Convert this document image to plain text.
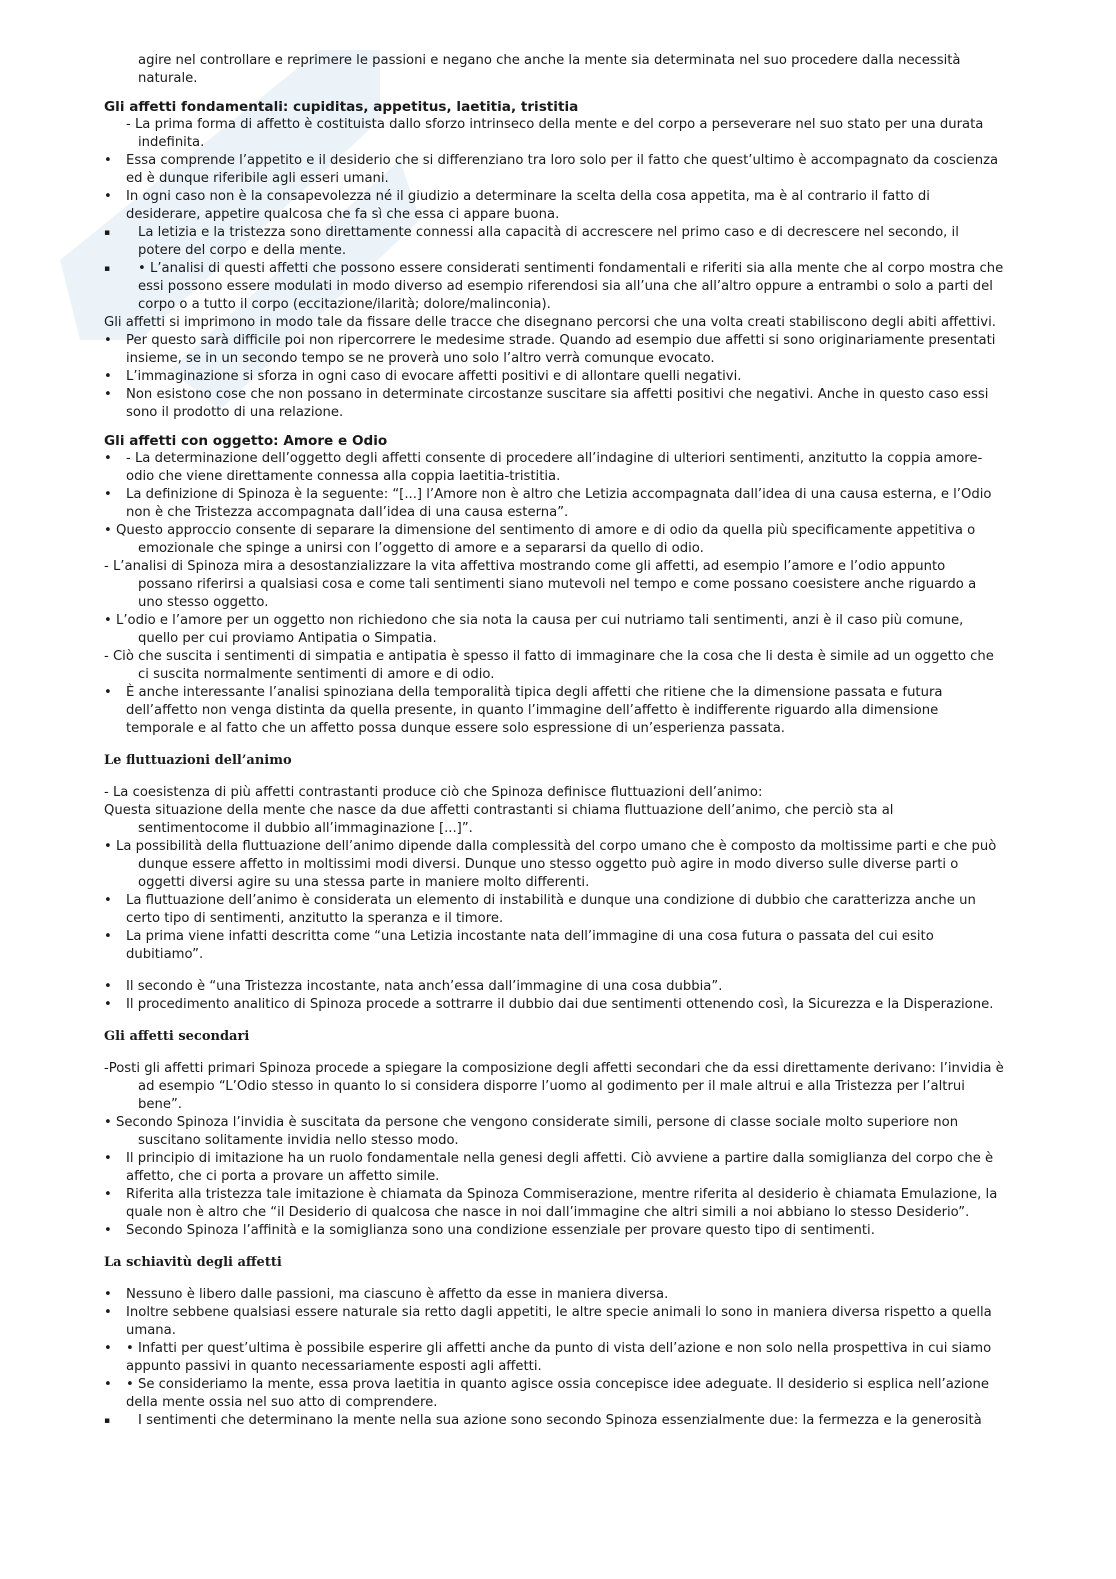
agire nel controllare e reprimere le passioni e negano che anche la mente sia determinata nel suo procedere dalla necessità naturale.

Gli affetti fondamentali: cupiditas, appetitus, laetitia, tristitia

- La prima forma di affetto è costituista dallo sforzo intrinseco della mente e del corpo a perseverare nel suo stato per una durata indefinita.

•	Essa comprende l’appetito e il desiderio che si differenziano tra loro solo per il fatto che quest’ultimo è accompagnato da coscienza ed è dunque riferibile agli esseri umani.
•	In ogni caso non è la consapevolezza né il giudizio a determinare la scelta della cosa appetita, ma è al contrario il fatto di desiderare, appetire qualcosa che fa sì che essa ci appare buona.
▪	La letizia e la tristezza sono direttamente connessi alla capacità di accrescere nel primo caso e di decrescere nel secondo, il potere del corpo e della mente.
▪	• L’analisi di questi affetti che possono essere considerati sentimenti fondamentali e riferiti sia alla mente che al corpo mostra che essi possono essere modulati in modo diverso ad esempio riferendosi sia all’una che all’altro oppure a entrambi o solo a parti del corpo o a tutto il corpo (eccitazione/ilarità; dolore/malinconia).

Gli affetti si imprimono in modo tale da fissare delle tracce che disegnano percorsi che una volta creati stabiliscono degli abiti affettivi.

•	Per questo sarà difficile poi non ripercorrere le medesime strade. Quando ad esempio due affetti si sono originariamente presentati insieme, se in un secondo tempo se ne proverà uno solo l’altro verrà comunque evocato.
•	L’immaginazione si sforza in ogni caso di evocare affetti positivi e di allontare quelli negativi.
•	Non esistono cose che non possano in determinate circostanze suscitare sia affetti positivi che negativi. Anche in questo caso essi sono il prodotto di una relazione.

Gli affetti con oggetto: Amore e Odio

•	- La determinazione dell’oggetto degli affetti consente di procedere all’indagine di ulteriori sentimenti, anzitutto la coppia amore-odio che viene direttamente connessa alla coppia laetitia-tristitia.
•	La definizione di Spinoza è la seguente: “[...] l’Amore non è altro che Letizia accompagnata dall’idea di una causa esterna, e l’Odio non è che Tristezza accompagnata dall’idea di una causa esterna”.

• Questo approccio consente di separare la dimensione del sentimento di amore e di odio da quella più specificamente appetitiva o emozionale che spinge a unirsi con l’oggetto di amore e a separarsi da quello di odio.

- L’analisi di Spinoza mira a desostanzializzare la vita affettiva mostrando come gli affetti, ad esempio l’amore e l’odio appunto possano riferirsi a qualsiasi cosa e come tali sentimenti siano mutevoli nel tempo e come possano coesistere anche riguardo a uno stesso oggetto.

• L’odio e l’amore per un oggetto non richiedono che sia nota la causa per cui nutriamo tali sentimenti, anzi è il caso più comune, quello per cui proviamo Antipatia o Simpatia.

- Ciò che suscita i sentimenti di simpatia e antipatia è spesso il fatto di immaginare che la cosa che li desta è simile ad un oggetto che ci suscita normalmente sentimenti di amore e di odio.

•	È anche interessante l’analisi spinoziana della temporalità tipica degli affetti che ritiene che la dimensione passata e futura dell’affetto non venga distinta da quella presente, in quanto l’immagine dell’affetto è indifferente riguardo alla dimensione temporale e al fatto che un affetto possa dunque essere solo espressione di un’esperienza passata.

Le fluttuazioni dell’animo

- La coesistenza di più affetti contrastanti produce ciò che Spinoza definisce fluttuazioni dell’animo:

Questa situazione della mente che nasce da due affetti contrastanti si chiama fluttuazione dell’animo, che perciò sta al sentimentocome il dubbio all’immaginazione [...]”.

• La possibilità della fluttuazione dell’animo dipende dalla complessità del corpo umano che è composto da moltissime parti e che può dunque essere affetto in moltissimi modi diversi. Dunque uno stesso oggetto può agire in modo diverso sulle diverse parti o oggetti diversi agire su una stessa parte in maniere molto differenti.

•	La fluttuazione dell’animo è considerata un elemento di instabilità e dunque una condizione di dubbio che caratterizza anche un certo tipo di sentimenti, anzitutto la speranza e il timore.
•	La prima viene infatti descritta come “una Letizia incostante nata dell’immagine di una cosa futura o passata del cui esito dubitiamo”.
•	Il secondo è “una Tristezza incostante, nata anch’essa dall’immagine di una cosa dubbia”.
•	Il procedimento analitico di Spinoza procede a sottrarre il dubbio dai due sentimenti ottenendo così, la Sicurezza e la Disperazione.

Gli affetti secondari

-Posti gli affetti primari Spinoza procede a spiegare la composizione degli affetti secondari che da essi direttamente derivano: l’invidia è ad esempio “L’Odio stesso in quanto lo si considera disporre l’uomo al godimento per il male altrui e alla Tristezza per l’altrui bene”.

• Secondo Spinoza l’invidia è suscitata da persone che vengono considerate simili, persone di classe sociale molto superiore non suscitano solitamente invidia nello stesso modo.

•	Il principio di imitazione ha un ruolo fondamentale nella genesi degli affetti. Ciò avviene a partire dalla somiglianza del corpo che è affetto, che ci porta a provare un affetto simile.
•	Riferita alla tristezza tale imitazione è chiamata da Spinoza Commiserazione, mentre riferita al desiderio è chiamata Emulazione, la quale non è altro che “il Desiderio di qualcosa che nasce in noi dall’immagine che altri simili a noi abbiano lo stesso Desiderio”.
•	Secondo Spinoza l’affinità e la somiglianza sono una condizione essenziale per provare questo tipo di sentimenti.

La schiavitù degli affetti

•	Nessuno è libero dalle passioni, ma ciascuno è affetto da esse in maniera diversa.
•	Inoltre sebbene qualsiasi essere naturale sia retto dagli appetiti, le altre specie animali lo sono in maniera diversa rispetto a quella umana.
•	• Infatti per quest’ultima è possibile esperire gli affetti anche da punto di vista dell’azione e non solo nella prospettiva in cui siamo appunto passivi in quanto necessariamente esposti agli affetti.
•	• Se consideriamo la mente, essa prova laetitia in quanto agisce ossia concepisce idee adeguate. Il desiderio si esplica nell’azione della mente ossia nel suo atto di comprendere.
▪	I sentimenti che determinano la mente nella sua azione sono secondo Spinoza essenzialmente due: la fermezza e la generosità
